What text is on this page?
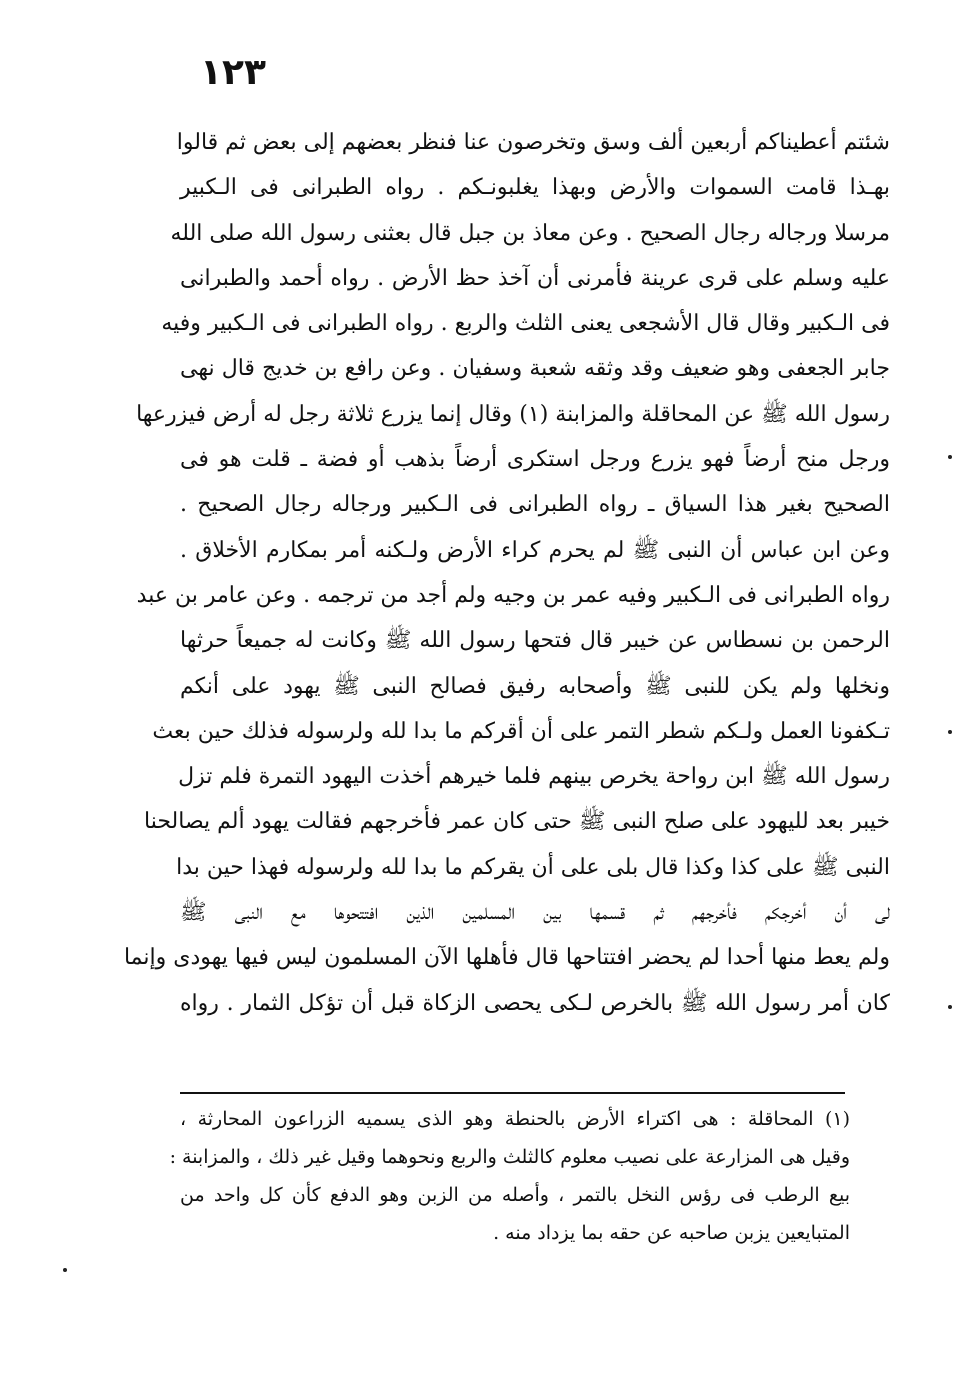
١٢٣
شئتم أعطيناكم أربعين ألف وسق وتخرصون عنا فنظر بعضهم إلى بعض ثم قالوا
بهـذا قامت السموات والأرض وبهذا يغلبونـكم . رواه الطبرانى فى الـكبير
مرسلا ورجاله رجال الصحيح . وعن معاذ بن جبل قال بعثنى رسول الله صلى الله
عليه وسلم على قرى عرينة فأمرنى أن آخذ حظ الأرض . رواه أحمد والطبرانى
فى الـكبير وقال قال الأشجعى يعنى الثلث والربع . رواه الطبرانى فى الـكبير وفيه
جابر الجعفى وهو ضعيف وقد وثقه شعبة وسفيان . وعن رافع بن خديج قال نهى
رسول الله ﷺ عن المحاقلة والمزابنة (١) وقال إنما يزرع ثلاثة رجل له أرض فيزرعها
ورجل منح أرضاً فهو يزرع ورجل استكرى أرضاً بذهب أو فضة ـ قلت هو فى
الصحيح بغير هذا السياق ـ رواه الطبرانى فى الـكبير ورجاله رجال الصحيح .
وعن ابن عباس أن النبى ﷺ لم يحرم كراء الأرض ولـكنه أمر بمكارم الأخلاق .
رواه الطبرانى فى الـكبير وفيه عمر بن وجيه ولم أجد من ترجمه . وعن عامر بن عبد
الرحمن بن نسطاس عن خيبر قال فتحها رسول الله ﷺ وكانت له جميعاً حرثها
ونخلها ولم يكن للنبى ﷺ وأصحابه رفيق فصالح النبى ﷺ يهود على أنكم
تـكفونا العمل ولـكم شطر التمر على أن أقركم ما بدا لله ولرسوله فذلك حين بعث
رسول الله ﷺ ابن رواحة يخرص بينهم فلما خيرهم أخذت اليهود التمرة فلم تزل
خيبر بعد لليهود على صلح النبى ﷺ حتى كان عمر فأخرجهم فقالت يهود ألم يصالحنا
النبى ﷺ على كذا وكذا قال بلى على أن يقركم ما بدا لله ولرسوله فهذا حين بدا
لى أن أخرجكم فأخرجهم ثم قسمها بين المسلمين الذين افتتحوها مع النبى ﷺ
ولم يعط منها أحدا لم يحضر افتتاحها قال فأهلها الآن المسلمون ليس فيها يهودى وإنما
كان أمر رسول الله ﷺ بالخرص لـكى يحصى الزكاة قبل أن تؤكل الثمار . رواه
(١) المحاقلة : هى اكتراء الأرض بالحنطة وهو الذى يسميه الزراعون المحارثة ،
وقيل هى المزارعة على نصيب معلوم كالثلث والربع ونحوهما وقيل غير ذلك ، والمزابنة :
بيع الرطب فى رؤس النخل بالتمر ، وأصله من الزبن وهو الدفع كأن كل واحد من
المتبايعين يزبن صاحبه عن حقه بما يزداد منه .
